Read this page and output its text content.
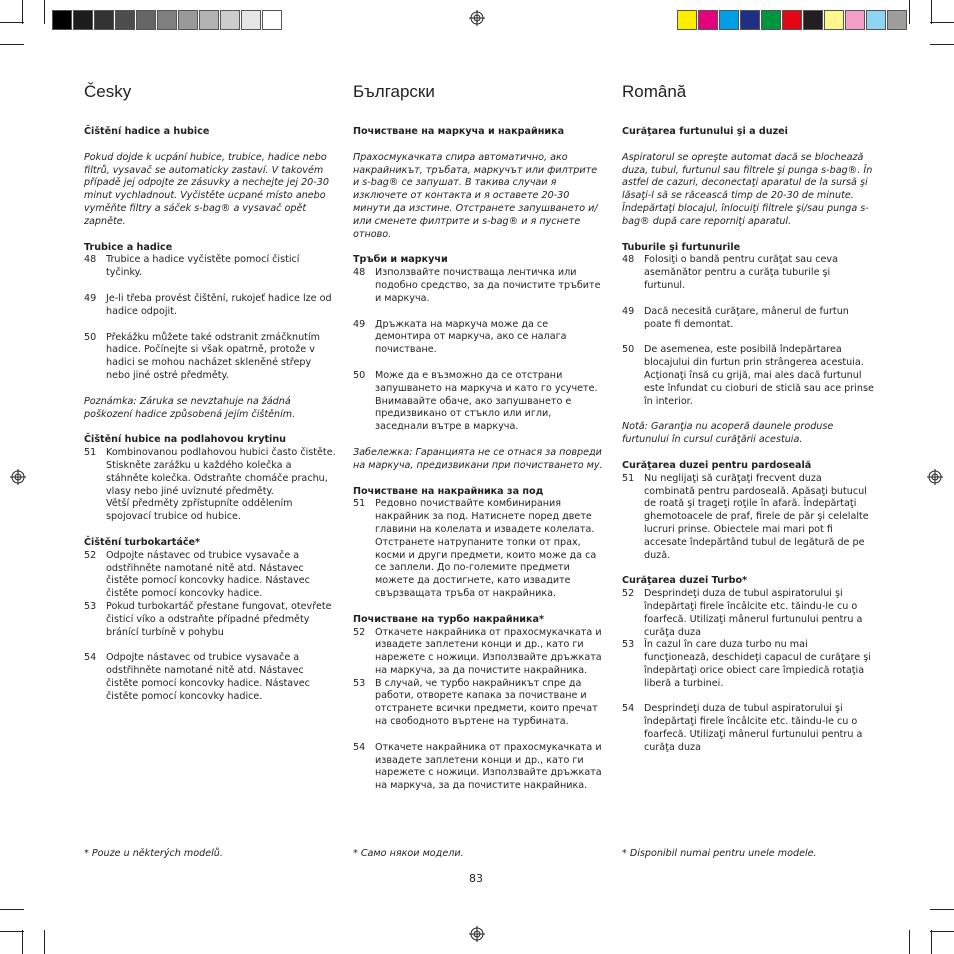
Česky

Čištění hadice a hubice

Pokud dojde k ucpání hubice, trubice, hadice nebo filtrů, vysavač se automaticky zastaví. V takovém případě jej odpojte ze zásuvky a nechejte jej 20-30 minut vychladnout. Vyčistěte ucpané místo anebo vyměňte filtry a sáček s-bag® a vysavač opět zapněte.

Trubice a hadice

48	Trubice a hadice vyčistěte pomocí čisticí tyčinky.
49	Je-li třeba provést čištění, rukojeť hadice lze od hadice odpojit.
50	Překážku můžete také odstranit zmáčknutím hadice. Počínejte si však opatrně, protože v hadici se mohou nacházet skleněné střepy nebo jiné ostré předměty.

Poznámka: Záruka se nevztahuje na žádná poškození hadice způsobená jejím čištěním.

Čištění hubice na podlahovou krytinu

51	Kombinovanou podlahovou hubici často čistěte. Stiskněte zarážku u každého kolečka a stáhněte kolečka. Odstraňte chomáče prachu, vlasy nebo jiné uvíznuté předměty.
Větší předměty zpřístupníte oddělením spojovací trubice od hubice.

Čištění turbokartáče*

52	Odpojte nástavec od trubice vysavače a odstřihněte namotané nitě atd. Nástavec čistěte pomocí koncovky hadice. Nástavec čistěte pomocí koncovky hadice.
53	Pokud turbokartáč přestane fungovat, otevřete čisticí víko a odstraňte případné předměty bránící turbíně v pohybu
54	Odpojte nástavec od trubice vysavače a odstřihněte namotané nitě atd. Nástavec čistěte pomocí koncovky hadice. Nástavec čistěte pomocí koncovky hadice.
Български

Почистване на маркуча и накрайника

Прахосмукачката спира автоматично, ако накрайникът, тръбата, маркучът или филтрите и s-bag® се запушат. В такива случаи я изключете от контакта и я оставете 20-30 минути да изстине. Отстранете запушването и/или сменете филтрите и s-bag® и я пуснете отново.

Тръби и маркучи

48	Използвайте почистваща лентичка или подобно средство, за да почистите тръбите и маркуча.
49	Дръжката на маркуча може да се демонтира от маркуча, ако се налага почистване.
50	Може да е възможно да се отстрани запушването на маркуча и като го усучете. Внимавайте обаче, ако запушването е предизвикано от стъкло или игли, заседнали вътре в маркуча.

Забележка: Гаранцията не се отнася за повреди на маркуча, предизвикани при почистването му.

Почистване на накрайника за под

51	Редовно почиствайте комбинирания накрайник за под. Натиснете поред двете главини на колелата и извадете колелата. Отстранете натрупаните топки от прах, косми и други предмети, които може да са се заплели. До по-големите предмети можете да достигнете, като извадите свързващата тръба от накрайника.

Почистване на турбо накрайника*

52	Откачете накрайника от прахосмукачката и извадете заплетени конци и др., като ги нарежете с ножици. Използвайте дръжката на маркуча, за да почистите накрайника.
53	В случай, че турбо накрайникът спре да работи, отворете капака за почистване и отстранете всички предмети, които пречат на свободното въртене на турбината.
54	Откачете накрайника от прахосмукачката и извадете заплетени конци и др., като ги нарежете с ножици. Използвайте дръжката на маркуча, за да почистите накрайника.
Română

Curăţarea furtunului şi a duzei

Aspiratorul se opreşte automat dacă se blochează duza, tubul, furtunul sau filtrele şi punga s-bag®. În astfel de cazuri, deconectaţi aparatul de la sursă şi lăsaţi-l să se răcească timp de 20-30 de minute. Îndepărtaţi blocajul, înlocuiţi filtrele şi/sau punga s-bag® după care reporniţi aparatul.

Tuburile şi furtunurile

48	Folosiţi o bandă pentru curăţat sau ceva asemănător pentru a curăţa tuburile şi furtunul.
49	Dacă necesită curăţare, mânerul de furtun poate fi demontat.
50	De asemenea, este posibilă îndepărtarea blocajului din furtun prin strângerea acestuia. Acţionaţi însă cu grijă, mai ales dacă furtunul este înfundat cu cioburi de sticlă sau ace prinse în interior.

Notă: Garanţia nu acoperă daunele produse furtunului în cursul curăţării acestuia.

Curăţarea duzei pentru pardoseală

51	Nu neglijaţi să curăţaţi frecvent duza combinată pentru pardoseală. Apăsaţi butucul de roată şi trageţi roţile în afară. Îndepărtaţi ghemotoacele de praf, firele de păr şi celelalte lucruri prinse. Obiectele mai mari pot fi accesate îndepărtând tubul de legătură de pe duză.

Curăţarea duzei Turbo*

52	Desprindeţi duza de tubul aspiratorului şi îndepărtaţi firele încâlcite etc. tăindu-le cu o foarfecă. Utilizaţi mânerul furtunului pentru a curăţa duza
53	În cazul în care duza turbo nu mai funcţionează, deschideţi capacul de curăţare şi îndepărtaţi orice obiect care împiedică rotaţia liberă a turbinei.
54	Desprindeţi duza de tubul aspiratorului şi îndepărtaţi firele încâlcite etc. tăindu-le cu o foarfecă. Utilizaţi mânerul furtunului pentru a curăţa duza
* Pouze u některých modelů.	* Само някои модели.	* Disponibil numai pentru unele modele.
83
